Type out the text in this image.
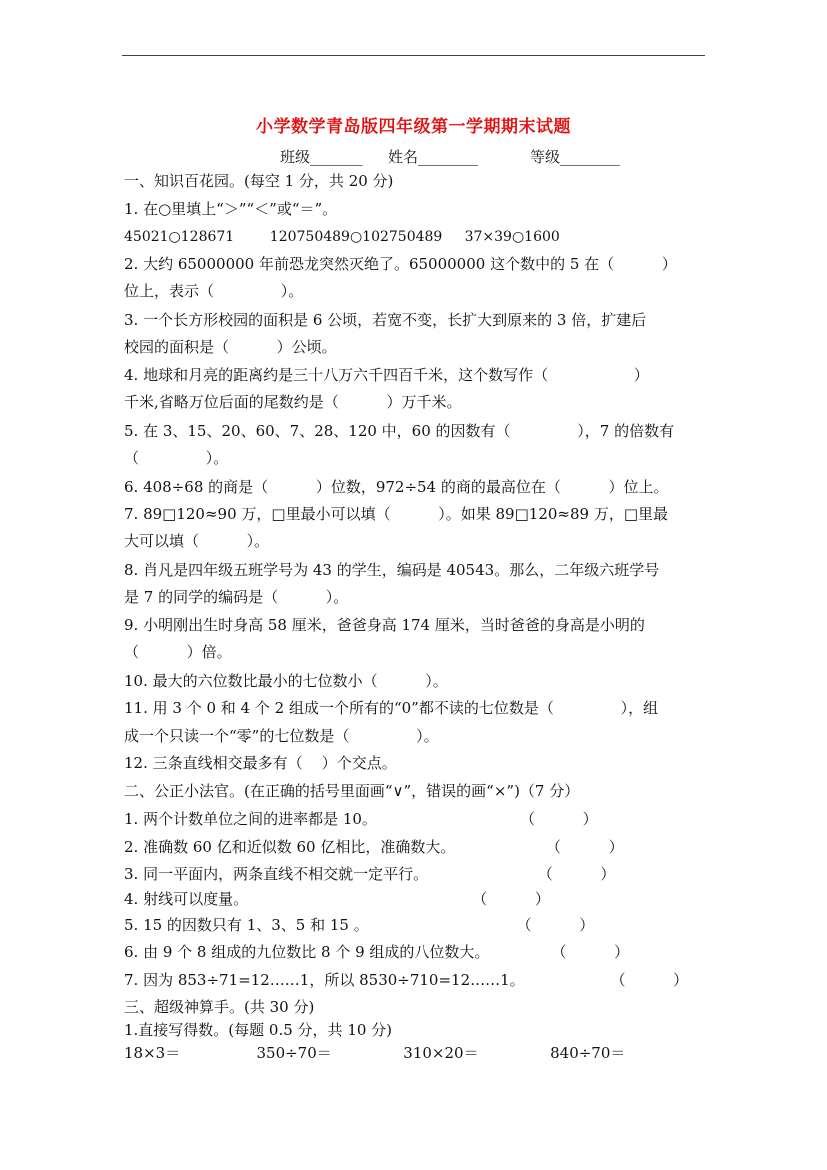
小学数学青岛版四年级第一学期期末试题
班级_______ 姓名________	等级________
一、知识百花园。(每空 1 分，共 20 分)
1. 在○里填上“＞”“＜”或“＝”。
45021○128671        120750489○102750489     37×39○1600
2. 大约 65000000 年前恐龙突然灭绝了。65000000 这个数中的 5 在（          ）
位上，表示（              ）。
3. 一个长方形校园的面积是 6 公顷，若宽不变，长扩大到原来的 3 倍，扩建后
校园的面积是（          ）公顷。
4. 地球和月亮的距离约是三十八万六千四百千米，这个数写作（                  ）
千米,省略万位后面的尾数约是（          ）万千米。
5. 在 3、15、20、60、7、28、120 中，60 的因数有（              ），7 的倍数有
（              ）。
6. 408÷68 的商是（          ）位数，972÷54 的商的最高位在（          ）位上。
7. 89□120≈90 万，□里最小可以填（          ）。如果 89□120≈89 万，□里最
大可以填（          ）。
8. 肖凡是四年级五班学号为 43 的学生，编码是 40543。那么，二年级六班学号
是 7 的同学的编码是（          ）。
9. 小明刚出生时身高 58 厘米，爸爸身高 174 厘米，当时爸爸的身高是小明的
（          ）倍。
10. 最大的六位数比最小的七位数小（          ）。
11. 用 3 个 0 和 4 个 2 组成一个所有的“0”都不读的七位数是（              ），组
成一个只读一个“零”的七位数是（              ）。
12. 三条直线相交最多有（    ）个交点。
二、公正小法官。(在正确的括号里面画“∨”，错误的画“×”)（7 分）
1. 两个计数单位之间的进率都是 10。                              （          ）
2. 准确数 60 亿和近似数 60 亿相比，准确数大。                   （          ）
3. 同一平面内，两条直线不相交就一定平行。                       （          ）
4. 射线可以度量。                                               （          ）
5. 15 的因数只有 1、3、5 和 15 。                               （          ）
6. 由 9 个 8 组成的九位数比 8 个 9 组成的八位数大。             （          ）
7. 因为 853÷71=12……1，所以 8530÷710=12……1。                  （          ）
三、超级神算手。(共 30 分)
1.直接写得数。(每题 0.5 分，共 10 分)
18×3＝                350÷70＝               310×20＝               840÷70＝
